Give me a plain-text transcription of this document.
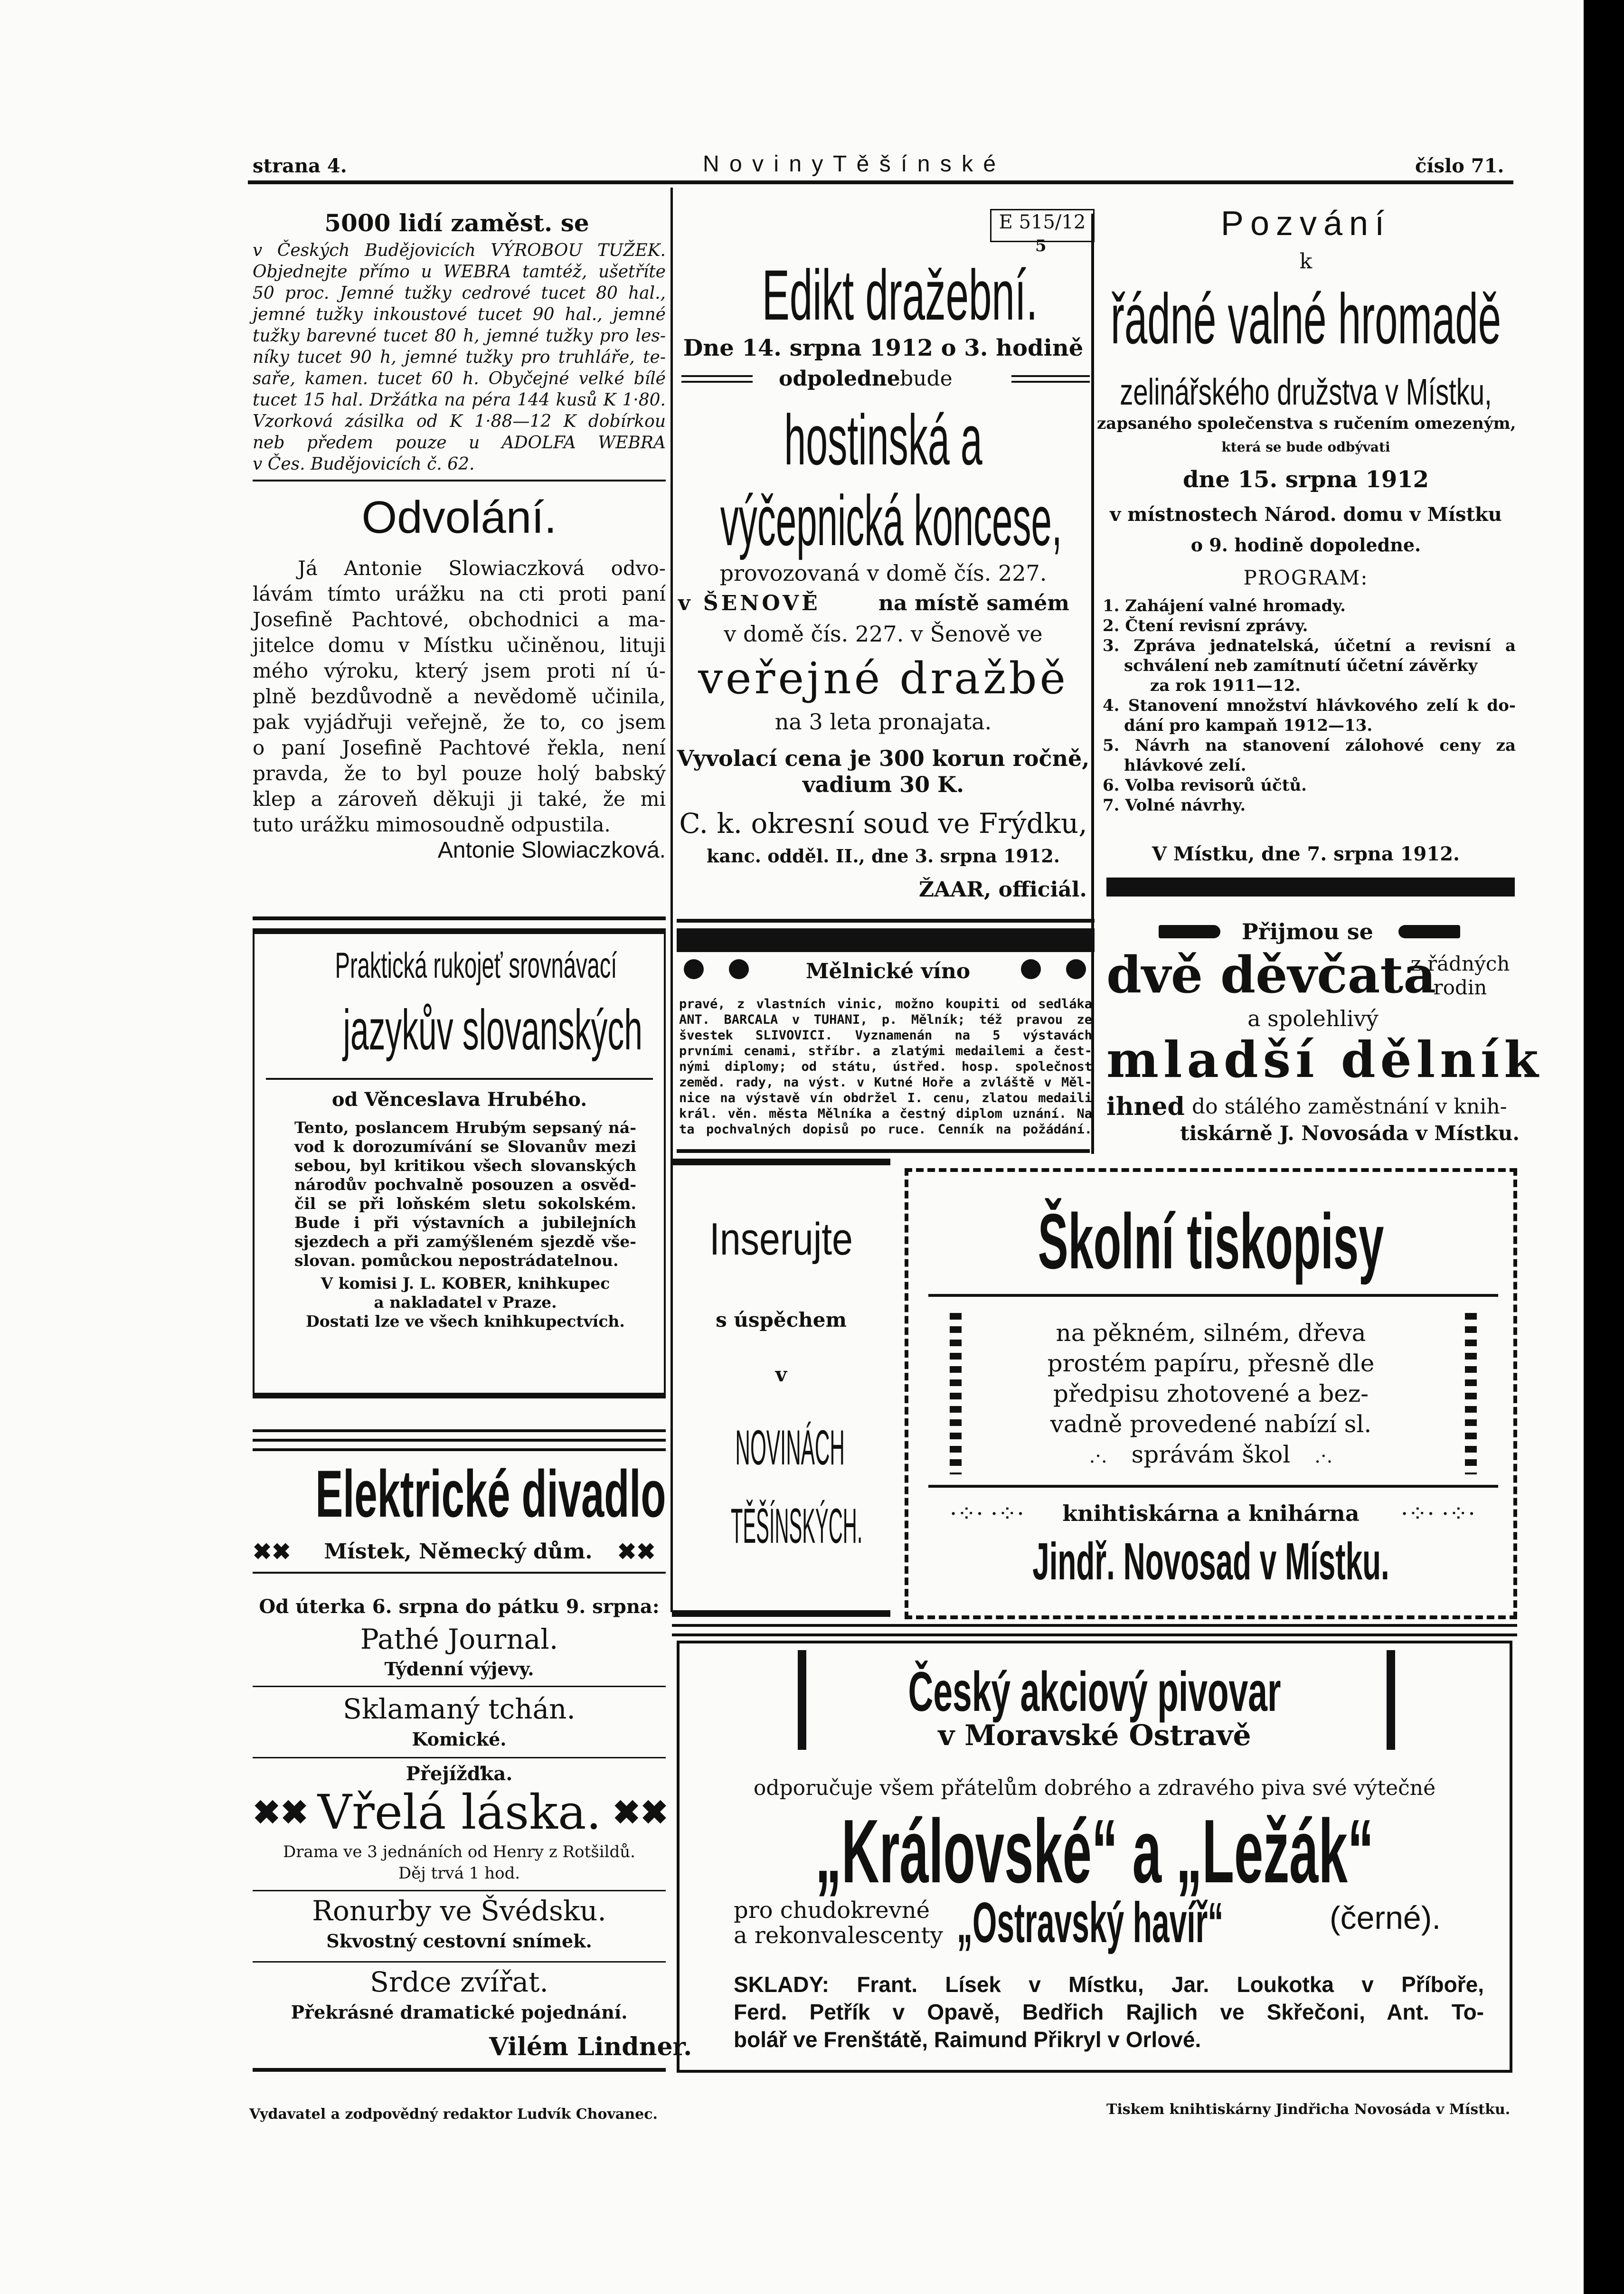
strana 4.	N o v i n y T ě š í n s k é	číslo 71.
5000 lidí zaměst. se
v Českých Budějovicích VÝROBOU TUŽEK.
Objednejte přímo u WEBRA tamtéž, ušetříte
50 proc. Jemné tužky cedrové tucet 80 hal.,
jemné tužky inkoustové tucet 90 hal., jemné
tužky barevné tucet 80 h, jemné tužky pro les-
níky tucet 90 h, jemné tužky pro truhláře, te-
saře, kamen. tucet 60 h. Obyčejné velké bílé
tucet 15 hal. Držátka na péra 144 kusů K 1·80.
Vzorková zásilka od K 1·88—12 K dobírkou
neb předem pouze u ADOLFA WEBRA
v Čes. Budějovicích č. 62.
Odvolání.
Já Antonie Slowiaczková odvo-
lávám tímto urážku na cti proti paní
Josefině Pachtové, obchodnici a ma-
jitelce domu v Místku učiněnou, lituji
mého výroku, který jsem proti ní ú-
plně bezdůvodně a nevědomě učinila,
pak vyjádřuji veřejně, že to, co jsem
o paní Josefině Pachtové řekla, není
pravda, že to byl pouze holý babský
klep a zároveň děkuji ji také, že mi
tuto urážku mimosoudně odpustila.
Antonie Slowiaczková.
Praktická rukojeť srovnávací
jazykův slovanských
od Věnceslava Hrubého.
Tento, poslancem Hrubým sepsaný ná-
vod k dorozumívání se Slovanův mezi
sebou, byl kritikou všech slovanských
národův pochvalně posouzen a osvěd-
čil se při loňském sletu sokolském.
Bude i při výstavních a jubilejních
sjezdech a při zamýšleném sjezdě vše-
slovan. pomůckou nepostrádatelnou.
V komisi J. L. KOBER, knihkupec
a nakladatel v Praze.
Dostati lze ve všech knihkupectvích.
Elektrické divadlo
✖✖	Místek, Německý dům.	✖✖
Od úterka 6. srpna do pátku 9. srpna:
Pathé Journal.
Týdenní výjevy.
Sklamaný tchán.
Komické.
Přejížďka.
✖✖ Vřelá láska. ✖✖
Drama ve 3 jednáních od Henry z Rotšildů.
Děj trvá 1 hod.
Ronurby ve Švédsku.
Skvostný cestovní snímek.
Srdce zvířat.
Překrásné dramatické pojednání.
Vilém Lindner.
Vydavatel a zodpovědný redaktor Ludvík Chovanec.
E 515/12
5
Edikt dražební.
Dne 14. srpna 1912 o 3. hodině
odpoledne bude
hostinská a
výčepnická koncese,
provozovaná v domě čís. 227.
v ŠENOVĚ	na místě samém
v domě čís. 227. v Šenově ve
veřejné dražbě
na 3 leta pronajata.
Vyvolací cena je 300 korun ročně,
vadium 30 K.
C. k. okresní soud ve Frýdku,
kanc. odděl. II., dne 3. srpna 1912.
ŽAAR, officiál.
Mělnické víno
pravé, z vlastních vinic, možno koupiti od sedláka
ANT. BARCALA v TUHANI, p. Mělník; též pravou ze
švestek SLIVOVICI. Vyznamenán na 5 výstavách
prvními cenami, stříbr. a zlatými medailemi a čest-
nými diplomy; od státu, ústřed. hosp. společnost
zeměd. rady, na výst. v Kutné Hoře a zvláště v Měl-
nice na výstavě vín obdržel I. cenu, zlatou medaili
král. věn. města Mělníka a čestný diplom uznání. Na
ta pochvalných dopisů po ruce. Cenník na požádání.
Inserujte
s úspěchem
v
NOVINÁCH
TĚŠÍNSKÝCH.
Pozvání
k
řádné valné hromadě
zelinářského družstva v Místku,
zapsaného společenstva s ručením omezeným,
která se bude odbývati
dne 15. srpna 1912
v místnostech Národ. domu v Místku
o 9. hodině dopoledne.
PROGRAM:
1. Zahájení valné hromady.
2. Čtení revisní zprávy.
3. Zpráva jednatelská, účetní a revisní a
schválení neb zamítnutí účetní závěrky
za rok 1911—12.
4. Stanovení množství hlávkového zelí k do-
dání pro kampaň 1912—13.
5. Návrh na stanovení zálohové ceny za
hlávkové zelí.
6. Volba revisorů účtů.
7. Volné návrhy.
V Místku, dne 7. srpna 1912.
Přijmou se
dvě děvčata
z řádných
rodin
a spolehlivý
mladší dělník
ihned do stálého zaměstnání v knih-
tiskárně J. Novosáda v Místku.
Školní tiskopisy
na pěkném, silném, dřeva
prostém papíru, přesně dle
předpisu zhotovené a bez-
vadně provedené nabízí sl.
.·.    správám škol    .·.
·⁘· ·⁘·	knihtiskárna a knihárna	·⁘· ·⁘·
Jindř. Novosad v Místku.
Český akciový pivovar
v Moravské Ostravě
odporučuje všem přátelům dobrého a zdravého piva své výtečné
„Královské“ a „Ležák“
pro chudokrevné
a rekonvalescenty „Ostravský havíř“	(černé).
SKLADY: Frant. Lísek v Místku, Jar. Loukotka v Příboře,
Ferd. Petřík v Opavě, Bedřich Rajlich ve Skřečoni, Ant. To-
bolář ve Frenštátě, Raimund Přikryl v Orlové.
Tiskem knihtiskárny Jindřicha Novosáda v Místku.
